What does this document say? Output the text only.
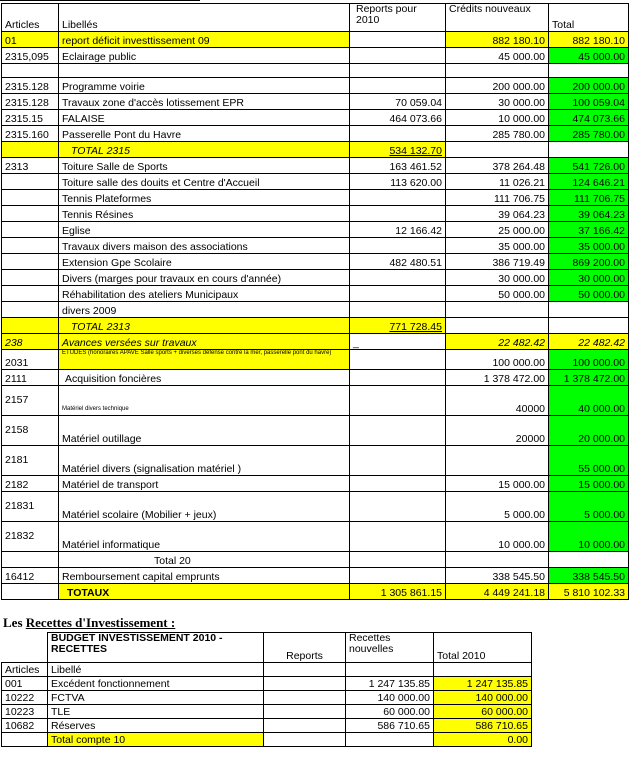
Articles	Libellés	Reports pour 2010	Crédits nouveaux	Total
01	report déficit investtissement 09		882 180.10	882 180.10
2315,095	Eclairage public		45 000.00	45 000.00

2315.128	Programme voirie		200 000.00	200 000.00
2315.128	Travaux zone d'accès lotissement EPR	70 059.04	30 000.00	100 059.04
2315.15	FALAISE	464 073.66	10 000.00	474 073.66
2315.160	Passerelle Pont du Havre		285 780.00	285 780.00
	TOTAL 2315	534 132.70		
2313	Toiture Salle de Sports	163 461.52	378 264.48	541 726.00
	Toiture salle des douits et Centre d'Accueil	113 620.00	11 026.21	124 646.21
	Tennis Plateformes		111 706.75	111 706.75
	Tennis Résines		39 064.23	39 064.23
	Eglise	12 166.42	25 000.00	37 166.42
	Travaux divers maison des associations		35 000.00	35 000.00
	Extension Gpe Scolaire	482 480.51	386 719.49	869 200.00
	Divers (marges pour travaux en cours d'année)		30 000.00	30 000.00
	Réhabilitation des ateliers Municipaux		50 000.00	50 000.00
	divers 2009			
	TOTAL 2313	771 728.45		
238	Avances versées sur travaux	_	22 482.42	22 482.42
2031	ETUDES (honoraires APAVE Salle sports + diverses défense contre la mer, passerelle pont du havre)		100 000.00	100 000.00
2111	Acquisition foncières		1 378 472.00	1 378 472.00
2157	Matériel divers technique		40000	40 000.00
2158	Matériel outillage		20000	20 000.00
2181	Matériel divers (signalisation matériel )			55 000.00
2182	Matériel de transport		15 000.00	15 000.00
21831	Matériel scolaire (Mobilier + jeux)		5 000.00	5 000.00
21832	Matériel informatique		10 000.00	10 000.00
	Total 20			
16412	Remboursement capital emprunts		338 545.50	338 545.50
	TOTAUX	1 305 861.15	4 449 241.18	5 810 102.33
Les Recettes d'Investissement :
	BUDGET INVESTISSEMENT 2010 - RECETTES	Reports	Recettes nouvelles	Total 2010
Articles	Libellé			
001	Excédent fonctionnement		1 247 135.85	1 247 135.85
10222	FCTVA		140 000.00	140 000.00
10223	TLE		60 000.00	60 000.00
10682	Réserves		586 710.65	586 710.65
	Total compte 10			0.00
